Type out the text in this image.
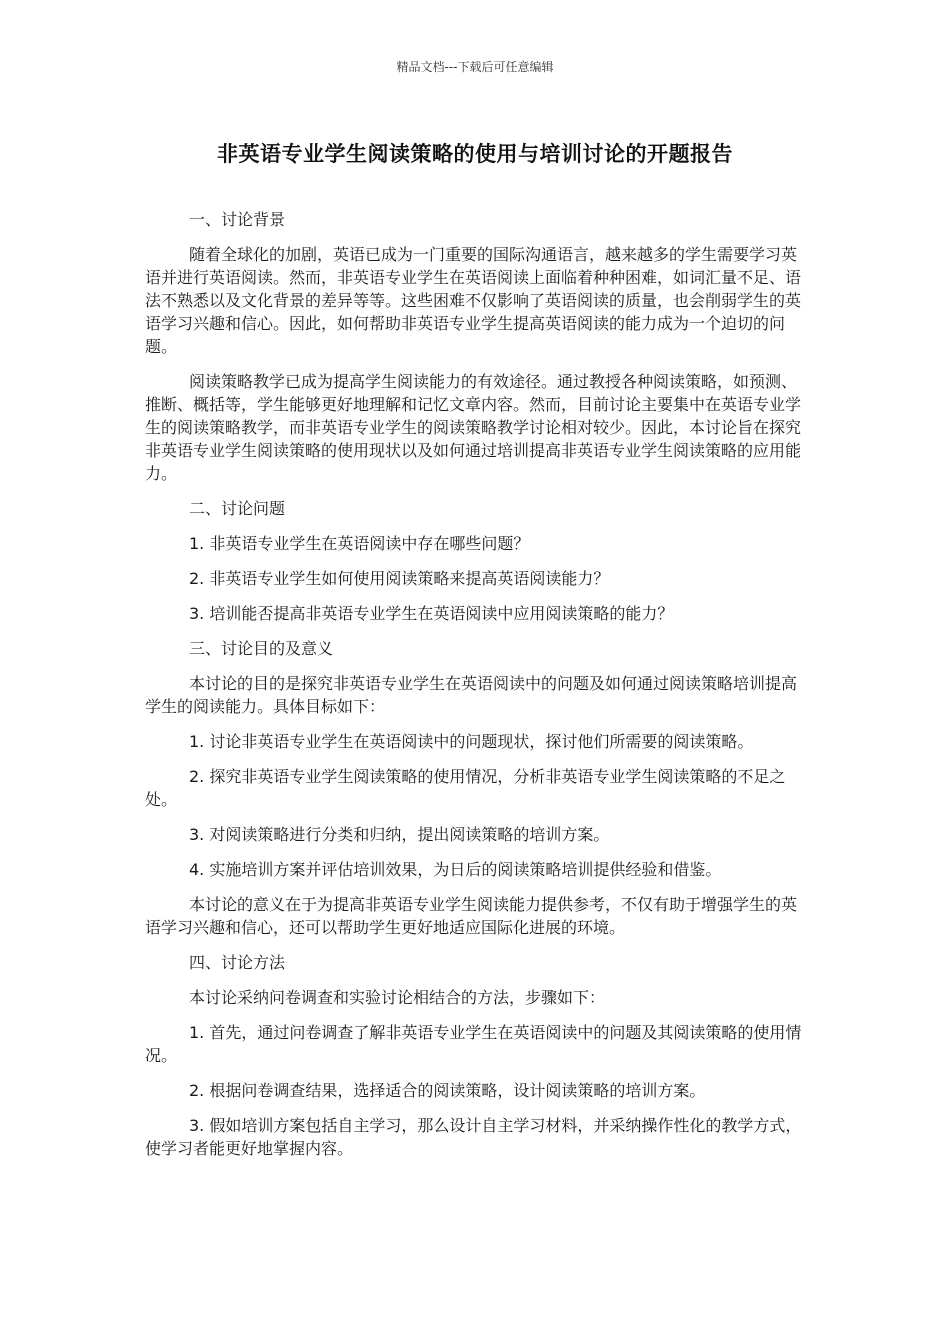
精品文档---下载后可任意编辑
非英语专业学生阅读策略的使用与培训讨论的开题报告

一、讨论背景

随着全球化的加剧，英语已成为一门重要的国际沟通语言，越来越多的学生需要学习英语并进行英语阅读。然而，非英语专业学生在英语阅读上面临着种种困难，如词汇量不足、语法不熟悉以及文化背景的差异等等。这些困难不仅影响了英语阅读的质量，也会削弱学生的英语学习兴趣和信心。因此，如何帮助非英语专业学生提高英语阅读的能力成为一个迫切的问题。

阅读策略教学已成为提高学生阅读能力的有效途径。通过教授各种阅读策略，如预测、推断、概括等，学生能够更好地理解和记忆文章内容。然而，目前讨论主要集中在英语专业学生的阅读策略教学，而非英语专业学生的阅读策略教学讨论相对较少。因此，本讨论旨在探究非英语专业学生阅读策略的使用现状以及如何通过培训提高非英语专业学生阅读策略的应用能力。

二、讨论问题

1. 非英语专业学生在英语阅读中存在哪些问题？

2. 非英语专业学生如何使用阅读策略来提高英语阅读能力？

3. 培训能否提高非英语专业学生在英语阅读中应用阅读策略的能力？

三、讨论目的及意义

本讨论的目的是探究非英语专业学生在英语阅读中的问题及如何通过阅读策略培训提高学生的阅读能力。具体目标如下：

1. 讨论非英语专业学生在英语阅读中的问题现状，探讨他们所需要的阅读策略。

2. 探究非英语专业学生阅读策略的使用情况，分析非英语专业学生阅读策略的不足之处。

3. 对阅读策略进行分类和归纳，提出阅读策略的培训方案。

4. 实施培训方案并评估培训效果，为日后的阅读策略培训提供经验和借鉴。

本讨论的意义在于为提高非英语专业学生阅读能力提供参考，不仅有助于增强学生的英语学习兴趣和信心，还可以帮助学生更好地适应国际化进展的环境。

四、讨论方法

本讨论采纳问卷调查和实验讨论相结合的方法，步骤如下：

1. 首先，通过问卷调查了解非英语专业学生在英语阅读中的问题及其阅读策略的使用情况。

2. 根据问卷调查结果，选择适合的阅读策略，设计阅读策略的培训方案。

3. 假如培训方案包括自主学习，那么设计自主学习材料，并采纳操作性化的教学方式，使学习者能更好地掌握内容。
